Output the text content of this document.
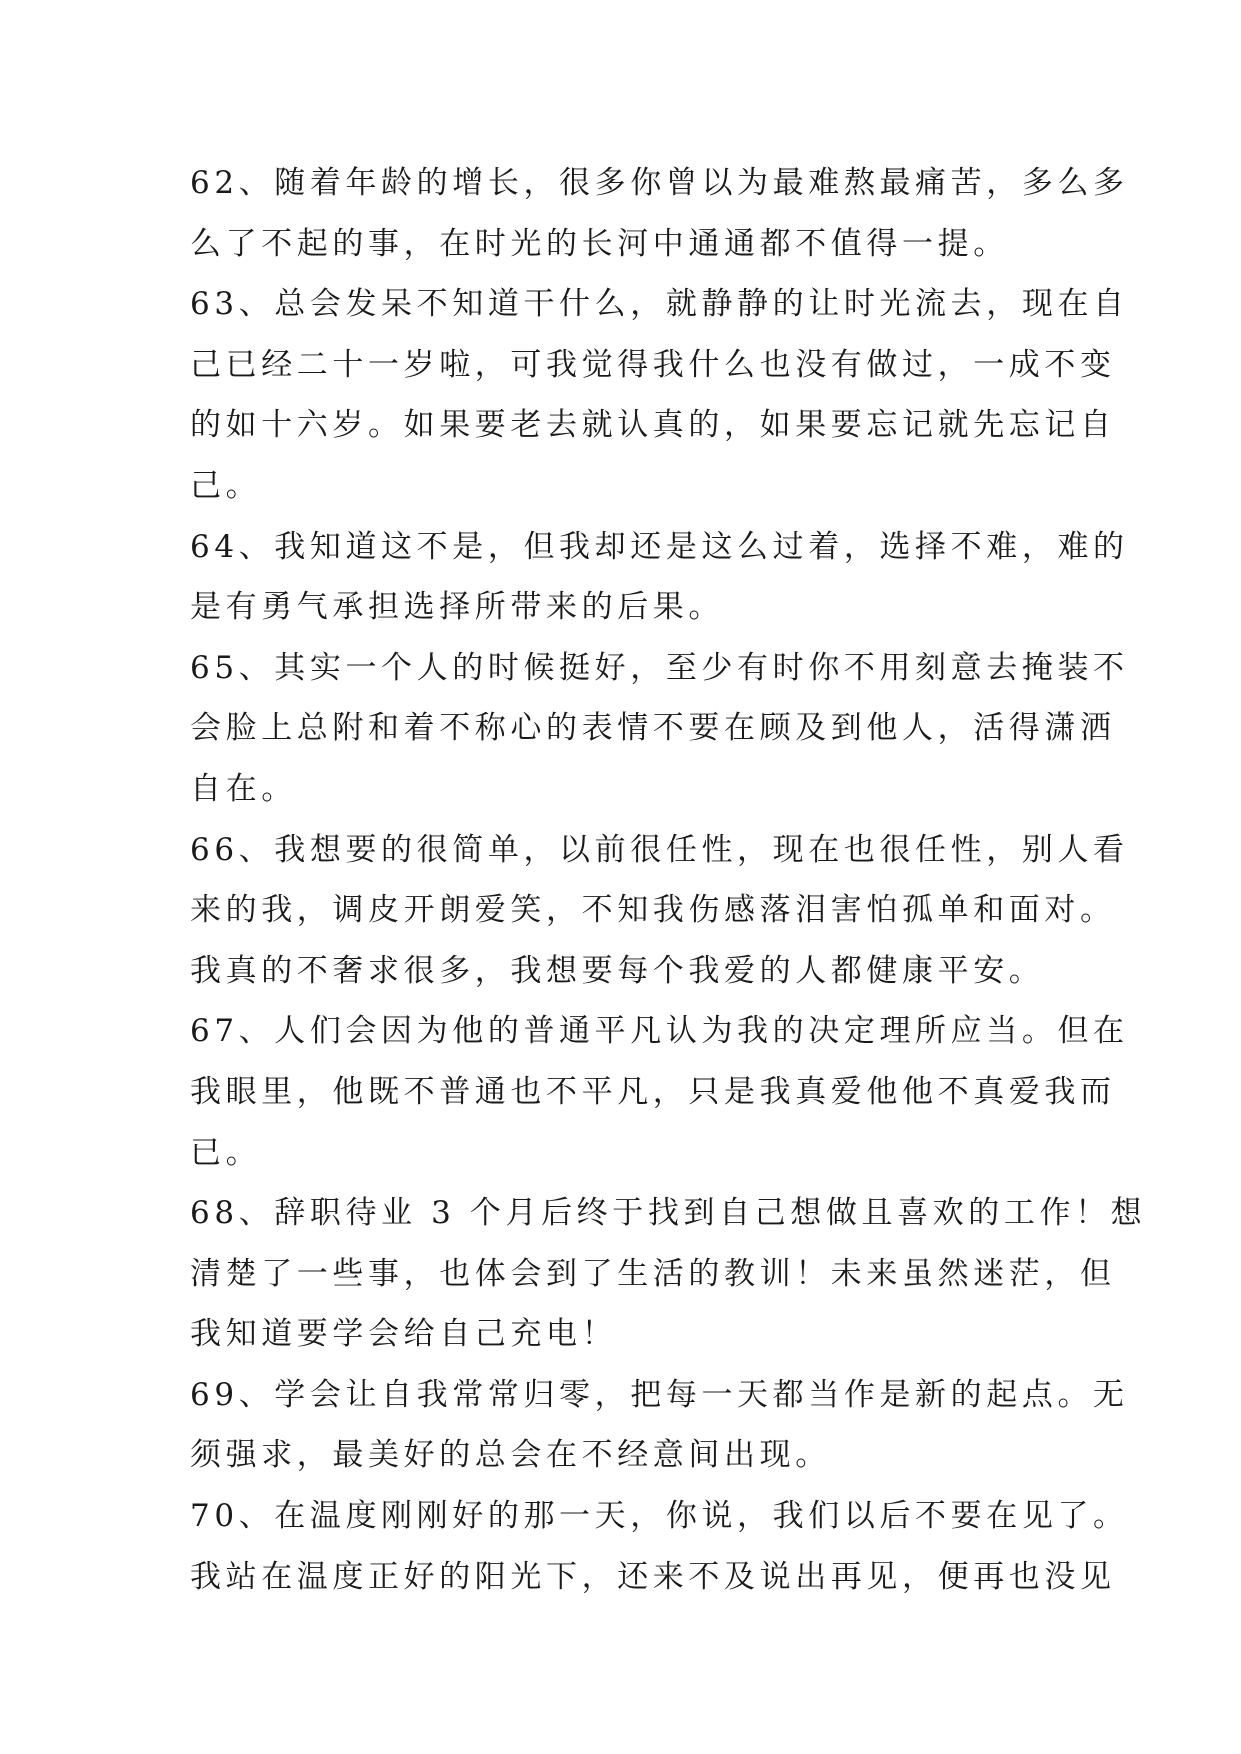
62、随着年龄的增长，很多你曾以为最难熬最痛苦，多么多
么了不起的事，在时光的长河中通通都不值得一提。
63、总会发呆不知道干什么，就静静的让时光流去，现在自
己已经二十一岁啦，可我觉得我什么也没有做过，一成不变
的如十六岁。如果要老去就认真的，如果要忘记就先忘记自
己。
64、我知道这不是，但我却还是这么过着，选择不难，难的
是有勇气承担选择所带来的后果。
65、其实一个人的时候挺好，至少有时你不用刻意去掩装不
会脸上总附和着不称心的表情不要在顾及到他人，活得潇洒
自在。
66、我想要的很简单，以前很任性，现在也很任性，别人看
来的我，调皮开朗爱笑，不知我伤感落泪害怕孤单和面对。
我真的不奢求很多，我想要每个我爱的人都健康平安。
67、人们会因为他的普通平凡认为我的决定理所应当。但在
我眼里，他既不普通也不平凡，只是我真爱他他不真爱我而
已。
68、辞职待业 3 个月后终于找到自己想做且喜欢的工作！想
清楚了一些事，也体会到了生活的教训！未来虽然迷茫，但
我知道要学会给自己充电！
69、学会让自我常常归零，把每一天都当作是新的起点。无
须强求，最美好的总会在不经意间出现。
70、在温度刚刚好的那一天，你说，我们以后不要在见了。
我站在温度正好的阳光下，还来不及说出再见，便再也没见
